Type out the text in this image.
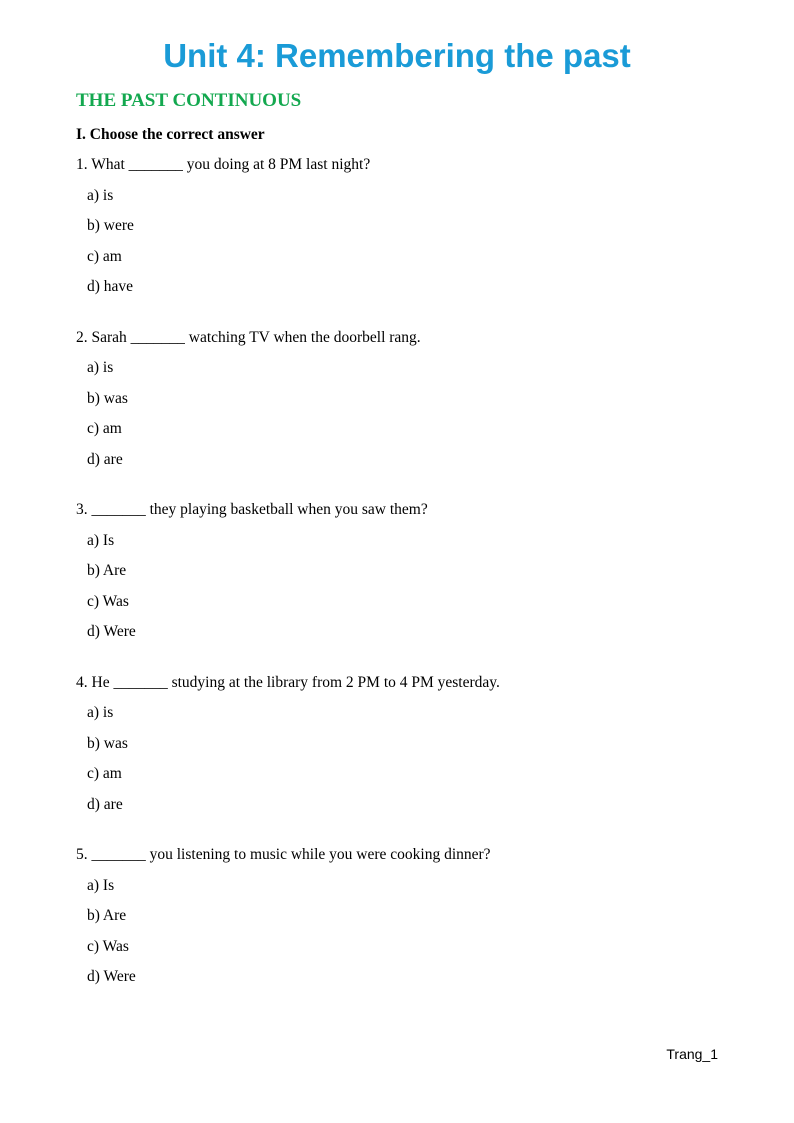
Unit 4: Remembering the past
THE PAST CONTINUOUS
I. Choose the correct answer
1. What _______ you doing at 8 PM last night?
a) is
b) were
c) am
d) have
2. Sarah _______ watching TV when the doorbell rang.
a) is
b) was
c) am
d) are
3. _______ they playing basketball when you saw them?
a) Is
b) Are
c) Was
d) Were
4. He _______ studying at the library from 2 PM to 4 PM yesterday.
a) is
b) was
c) am
d) are
5. _______ you listening to music while you were cooking dinner?
a) Is
b) Are
c) Was
d) Were
Trang_1
